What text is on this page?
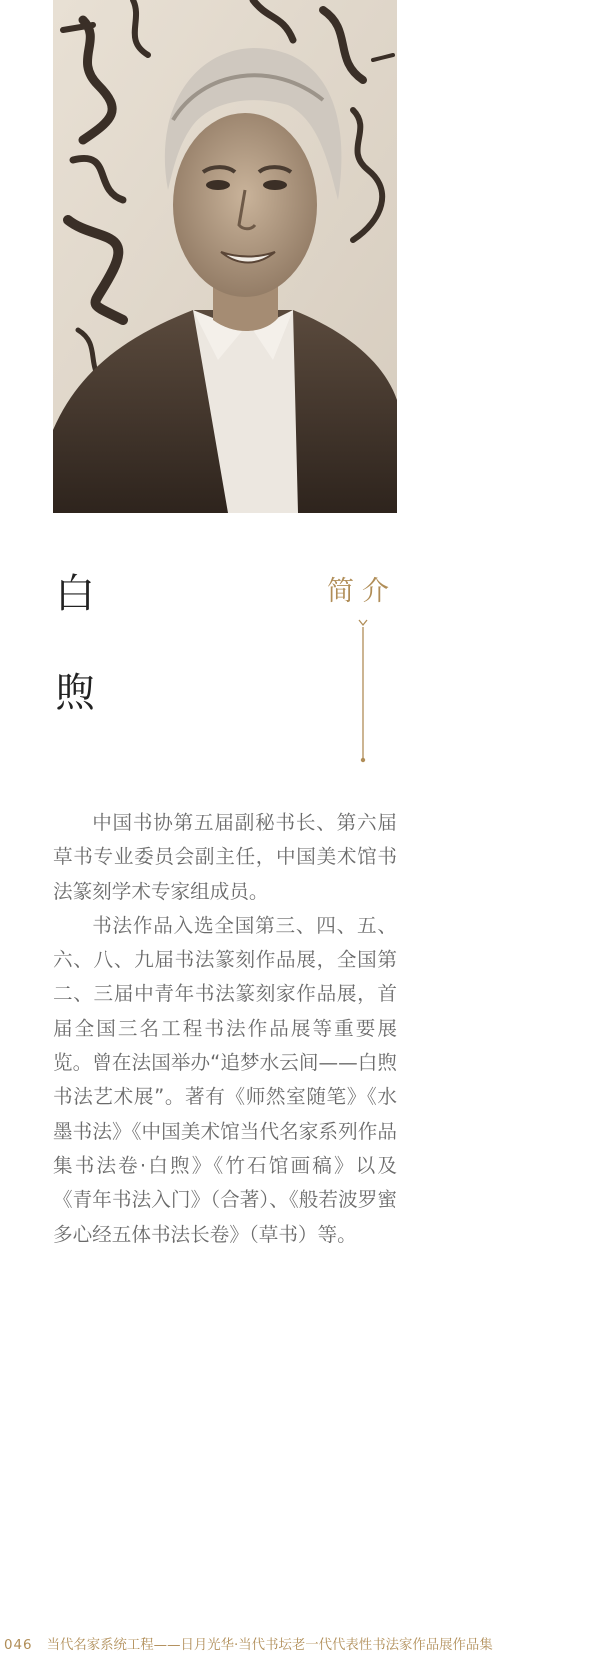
白
煦
简介

中国书协第五届副秘书长、第六届草书专业委员会副主任，中国美术馆书法篆刻学术专家组成员。

书法作品入选全国第三、四、五、六、八、九届书法篆刻作品展，全国第二、三届中青年书法篆刻家作品展，首届全国三名工程书法作品展等重要展览。曾在法国举办“追梦水云间——白煦书法艺术展”。著有《师然室随笔》《水墨书法》《中国美术馆当代名家系列作品集书法卷·白煦》《竹石馆画稿》以及《青年书法入门》（合著）、《般若波罗蜜多心经五体书法长卷》（草书）等。

046 当代名家系统工程——日月光华·当代书坛老一代代表性书法家作品展作品集
